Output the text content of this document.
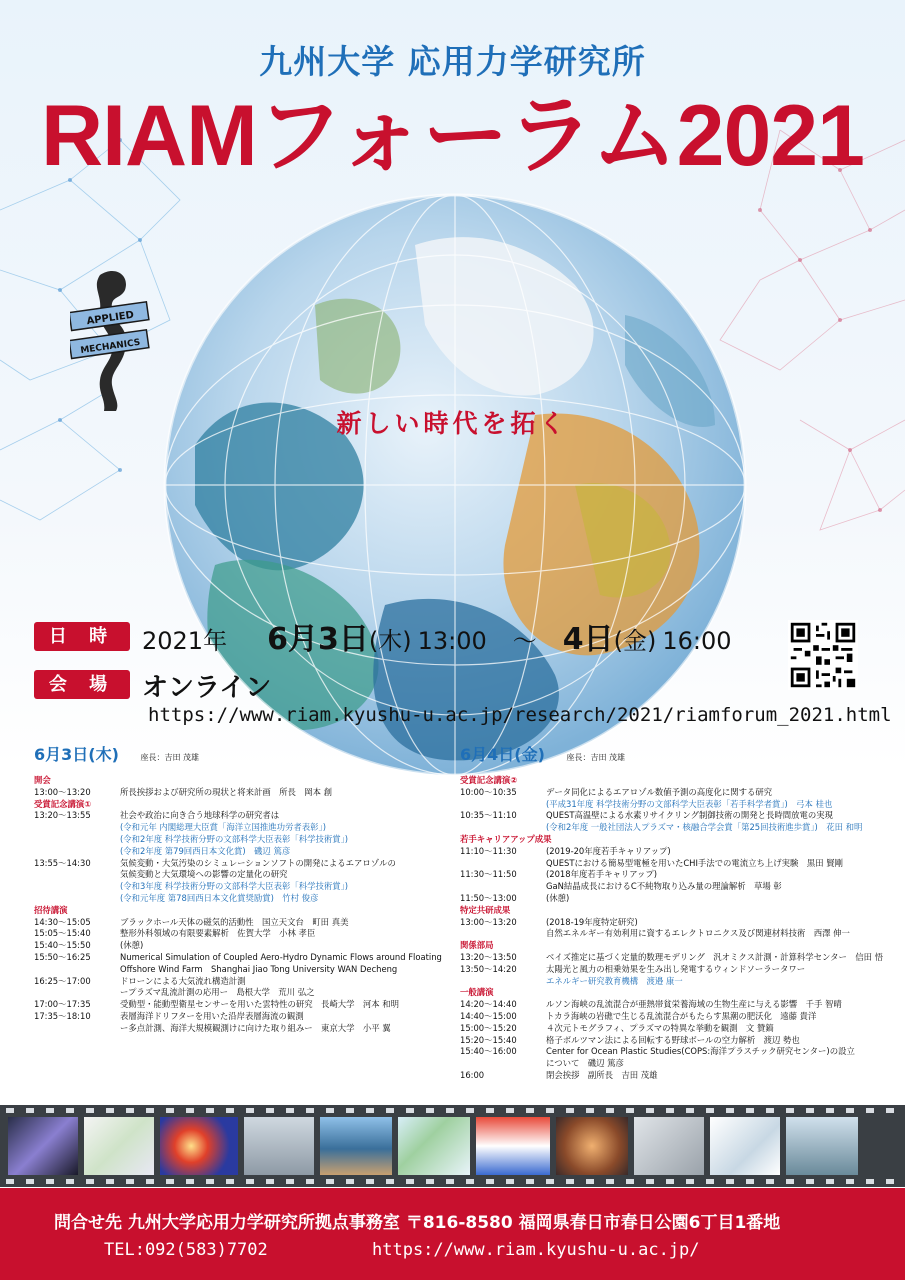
九州大学 応用力学研究所
RIAMフォーラム2021
APPLIED
MECHANICS
新しい時代を拓く
日 時	2021年 6月3日 (木) 13:00 ～ 4日 (金) 16:00
会 場	オンライン
https://www.riam.kyushu-u.ac.jp/research/2021/riamforum_2021.html
6月3日(木)	座長：吉田 茂雄
開会
13:00～13:20	所長挨拶および研究所の現状と将来計画　所長　岡本 創
受賞記念講演①
13:20～13:55	社会や政治に向き合う地球科学の研究者は
(令和元年 内閣総理大臣賞「海洋立国推進功労者表彰」)
(令和2年度 科学技術分野の文部科学大臣表彰「科学技術賞」)
(令和2年度 第79回西日本文化賞)　磯辺 篤彦
13:55～14:30	気候変動・大気汚染のシミュレーションソフトの開発によるエアロゾルの
気候変動と大気環境への影響の定量化の研究
(令和3年度 科学技術分野の文部科学大臣表彰「科学技術賞」)
(令和元年度 第78回西日本文化賞奨励賞)　竹村 俊彦
招待講演
14:30～15:05	ブラックホール天体の磁気的活動性　国立天文台　町田 真美
15:05～15:40	整形外科領域の有限要素解析　佐賀大学　小林 孝臣
15:40～15:50	(休憩)
15:50～16:25	Numerical Simulation of Coupled Aero-Hydro Dynamic Flows around Floating
Offshore Wind Farm　Shanghai Jiao Tong University WAN Decheng
16:25～17:00	ドローンによる大気流れ構造計測
ープラズマ乱流計測の応用ー　島根大学　荒川 弘之
17:00～17:35	受動型・能動型衛星センサーを用いた雲特性の研究　長崎大学　河本 和明
17:35～18:10	表層海洋ドリフターを用いた沿岸表層海流の観測
ー多点計測、海洋大規模観測けに向けた取り組みー　東京大学　小平 翼
6月4日(金)	座長：吉田 茂雄
受賞記念講演②
10:00～10:35	データ同化によるエアロゾル数値予測の高度化に関する研究
(平成31年度 科学技術分野の文部科学大臣表彰「若手科学者賞」)　弓本 桂也
10:35～11:10	QUEST高温壁による水素リサイクリング制御技術の開発と長時間放電の実現
(令和2年度 一般社団法人プラズマ・核融合学会賞「第25回技術進歩賞」)　花田 和明
若手キャリアアップ成果
11:10～11:30	(2019-20年度若手キャリアップ)
QUESTにおける簡易型電極を用いたCHI手法での電流立ち上げ実験　黒田 賢剛
11:30～11:50	(2018年度若手キャリアップ)
GaN結晶成長におけるC不純物取り込み量の理論解析　草場 彰
11:50～13:00	(休憩)
特定共研成果
13:00～13:20	(2018-19年度特定研究)
自然エネルギー有効利用に資するエレクトロニクス及び関連材料技術　西澤 伸一
関係部局
13:20～13:50	ベイズ推定に基づく定量的数理モデリング　汎オミクス計測・計算科学センター　信田 悟
13:50～14:20	太陽光と風力の相乗効果を生み出し発電するウィンドソーラータワー
エネルギー研究教育機構　渡邉 康一
一般講演
14:20～14:40	ルソン海峡の乱流混合が亜熱帯貧栄養海域の生物生産に与える影響　千手 智晴
14:40～15:00	トカラ海峡の岩礁で生じる乱流混合がもたらす黒潮の肥沃化　遠藤 貴洋
15:00～15:20	４次元トモグラフィ、プラズマの特異な挙動を観測　文 贊鎬
15:20～15:40	格子ボルツマン法による回転する野球ボールの空力解析　渡辺 勢也
15:40～16:00	Center for Ocean Plastic Studies(COPS:海洋プラスチック研究センター)の設立
について　磯辺 篤彦
16:00	閉会挨拶　副所長　吉田 茂雄
問合せ先 九州大学応用力学研究所拠点事務室 〒816-8580 福岡県春日市春日公園6丁目1番地
TEL:092(583)7702	https://www.riam.kyushu-u.ac.jp/
